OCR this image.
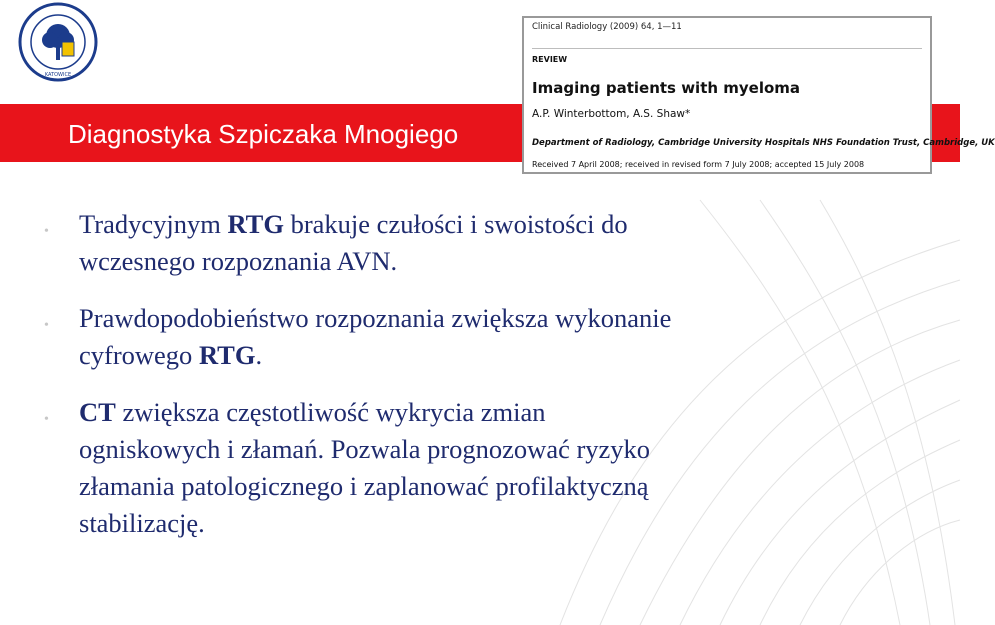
KATOWICE
Diagnostyka Szpiczaka Mnogiego
Clinical Radiology (2009) 64, 1—11
REVIEW
Imaging patients with myeloma
A.P. Winterbottom, A.S. Shaw*
Department of Radiology, Cambridge University Hospitals NHS Foundation Trust, Cambridge, UK
Received 7 April 2008; received in revised form 7 July 2008; accepted 15 July 2008
• Tradycyjnym RTG brakuje czułości i swoistości do wczesnego rozpoznania AVN.
• Prawdopodobieństwo rozpoznania zwiększa wykonanie cyfrowego RTG.
• CT zwiększa częstotliwość wykrycia zmian ogniskowych i złamań. Pozwala prognozować ryzyko złamania patologicznego i zaplanować profilaktyczną stabilizację.
